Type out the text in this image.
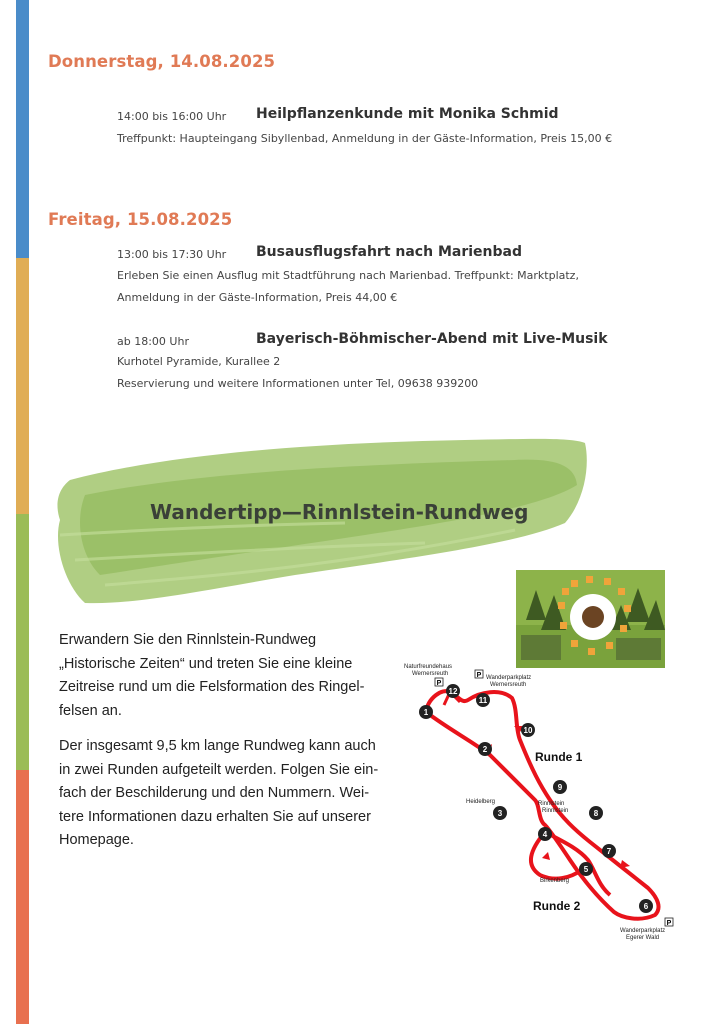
Donnerstag, 14.08.2025
14:00 bis 16:00 Uhr Heilpflanzenkunde mit Monika Schmid
Treffpunkt: Haupteingang Sibyllenbad, Anmeldung in der Gäste-Information, Preis 15,00 €
Freitag, 15.08.2025
13:00 bis 17:30 Uhr Busausflugsfahrt nach Marienbad
Erleben Sie einen Ausflug mit Stadtführung nach Marienbad. Treffpunkt: Marktplatz,
Anmeldung in der Gäste-Information, Preis 44,00 €
ab 18:00 Uhr	Bayerisch-Böhmischer-Abend mit Live-Musik
Kurhotel Pyramide, Kurallee 2
Reservierung und weitere Informationen unter Tel, 09638 939200
Wandertipp—Rinnlstein-Rundweg
Erwandern Sie den Rinnlstein-Rundweg
„Historische Zeiten“ und treten Sie eine kleine
Zeitreise rund um die Felsformation des Ringel-
felsen an.
Der insgesamt 9,5 km lange Rundweg kann auch
in zwei Runden aufgeteilt werden. Folgen Sie ein-
fach der Beschilderung und den Nummern. Wei-
tere Informationen dazu erhalten Sie auf unserer
Homepage.
Naturfreundehaus
Wernersreuth
Wanderparkplatz
Wernersreuth
Heidelberg	Rinnlstein
Rinnlstein
Birkenberg
Wanderparkplatz
Egerer Wald
P
P
P
Runde 1
Runde 2
1
2
3
4
5
6
7
8
9
10
11
12
